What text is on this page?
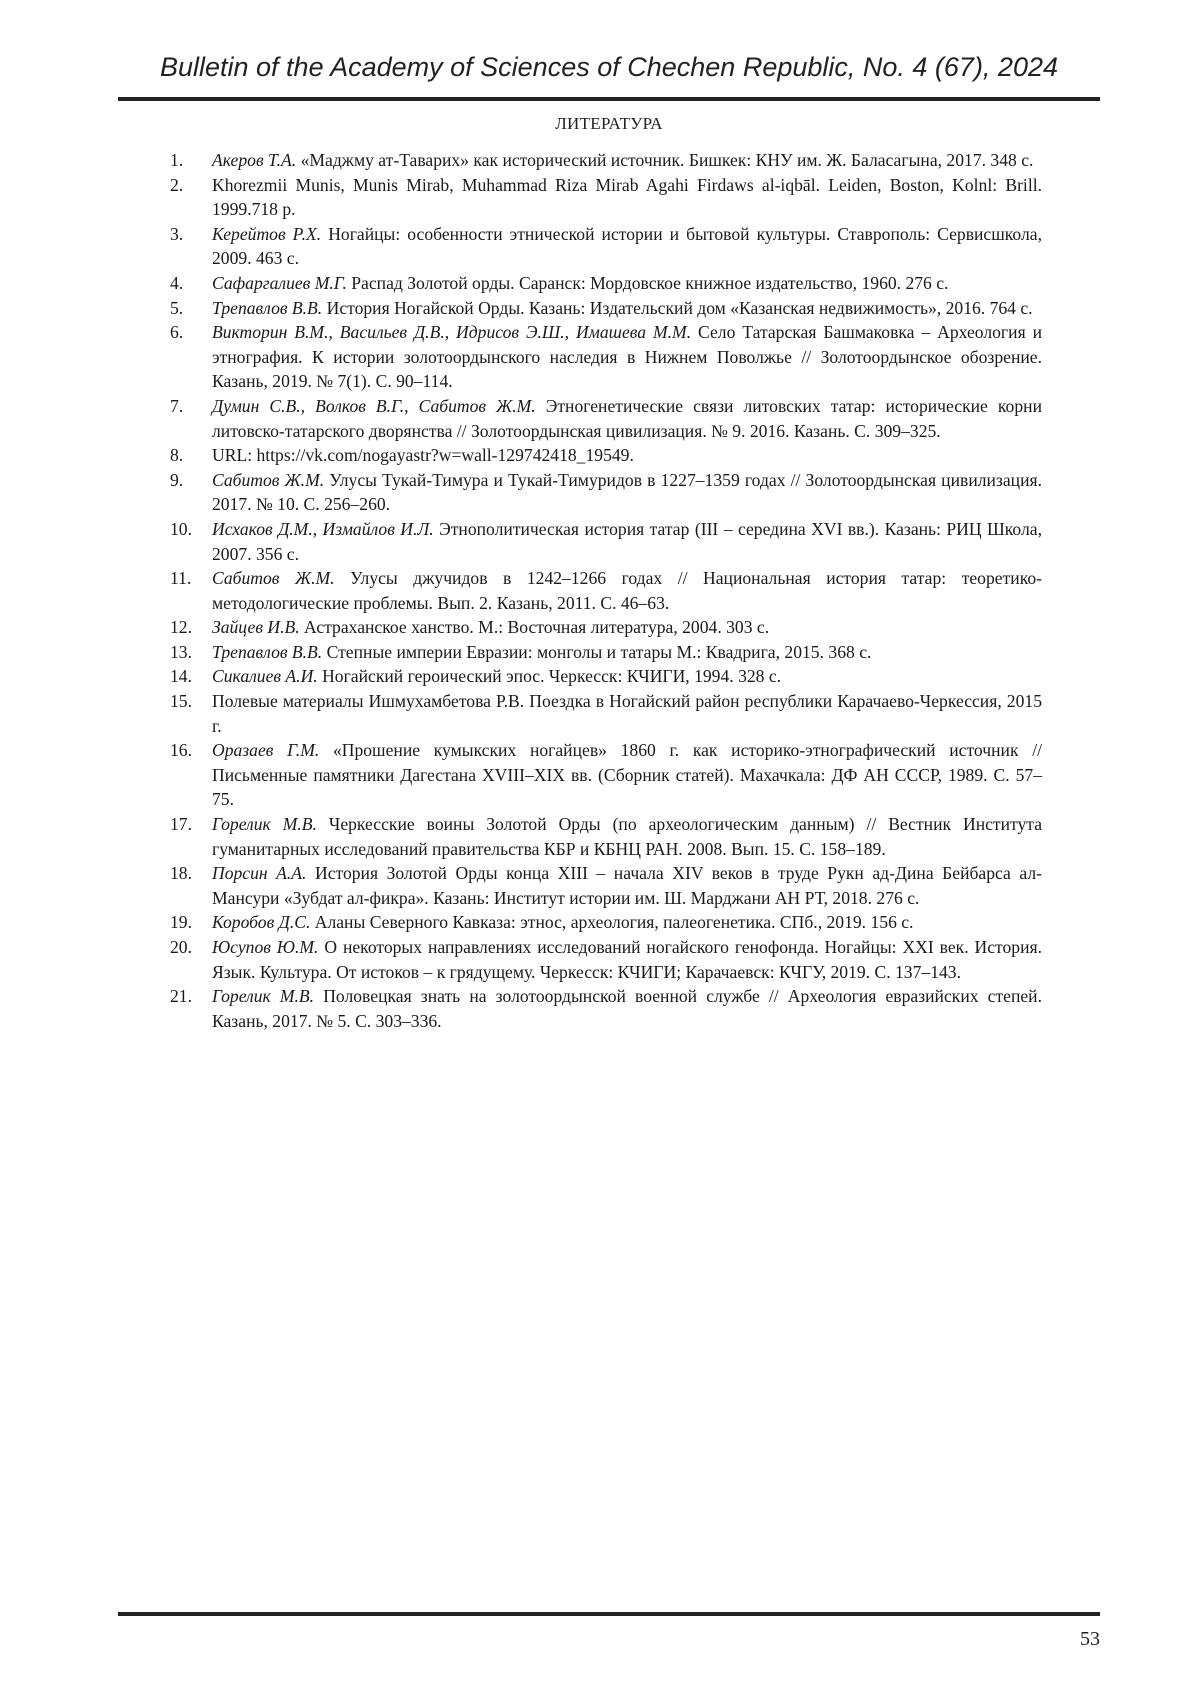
Bulletin of the Academy of Sciences of Chechen Republic, No. 4 (67), 2024
ЛИТЕРАТУРА
1.	Акеров Т.А. «Маджму ат-Таварих» как исторический источник. Бишкек: КНУ им. Ж. Баласагына, 2017. 348 с.
2.	Khorezmii Munis, Munis Mirab, Muhammad Riza Mirab Agahi Firdaws al-iqbāl. Leiden, Boston, Kolnl: Brill. 1999.718 p.
3.	Керейтов Р.Х. Ногайцы: особенности этнической истории и бытовой культуры. Ставрополь: Сервисшкола, 2009. 463 с.
4.	Сафаргалиев М.Г. Распад Золотой орды. Саранск: Мордовское книжное издательство, 1960. 276 с.
5.	Трепавлов В.В. История Ногайской Орды. Казань: Издательский дом «Казанская недвижимость», 2016. 764 с.
6.	Викторин В.М., Васильев Д.В., Идрисов Э.Ш., Имашева М.М. Село Татарская Башмаковка – Археология и этнография. К истории золотоордынского наследия в Нижнем Поволжье // Золотоордынское обозрение. Казань, 2019. № 7(1). С. 90–114.
7.	Думин С.В., Волков В.Г., Сабитов Ж.М. Этногенетические связи литовских татар: исторические корни литовско-татарского дворянства // Золотоордынская цивилизация. № 9. 2016. Казань. С. 309–325.
8.	URL: https://vk.com/nogayastr?w=wall-129742418_19549.
9.	Сабитов Ж.М. Улусы Тукай-Тимура и Тукай-Тимуридов в 1227–1359 годах // Золотоордынская цивилизация. 2017. № 10. С. 256–260.
10.	Исхаков Д.М., Измайлов И.Л. Этнополитическая история татар (III – середина XVI вв.). Казань: РИЦ Школа, 2007. 356 с.
11.	Сабитов Ж.М. Улусы джучидов в 1242–1266 годах // Национальная история татар: теоретико-методологические проблемы. Вып. 2. Казань, 2011. С. 46–63.
12.	Зайцев И.В. Астраханское ханство. М.: Восточная литература, 2004. 303 с.
13.	Трепавлов В.В. Степные империи Евразии: монголы и татары М.: Квадрига, 2015. 368 с.
14.	Сикалиев А.И. Ногайский героический эпос. Черкесск: КЧИГИ, 1994. 328 с.
15.	Полевые материалы Ишмухамбетова Р.В. Поездка в Ногайский район республики Карачаево-Черкессия, 2015 г.
16.	Оразаев Г.М. «Прошение кумыкских ногайцев» 1860 г. как историко-этнографический источник // Письменные памятники Дагестана XVIII–XIX вв. (Сборник статей). Махачкала: ДФ АН СССР, 1989. С. 57–75.
17.	Горелик М.В. Черкесские воины Золотой Орды (по археологическим данным) // Вестник Института гуманитарных исследований правительства КБР и КБНЦ РАН. 2008. Вып. 15. С. 158–189.
18.	Порсин А.А. История Золотой Орды конца XIII – начала XIV веков в труде Рукн ад-Дина Бейбарса ал-Мансури «Зубдат ал-фикра». Казань: Институт истории им. Ш. Марджани АН РТ, 2018. 276 с.
19.	Коробов Д.С. Аланы Северного Кавказа: этнос, археология, палеогенетика. СПб., 2019. 156 с.
20.	Юсупов Ю.М. О некоторых направлениях исследований ногайского генофонда. Ногайцы: XXI век. История. Язык. Культура. От истоков – к грядущему. Черкесск: КЧИГИ; Карачаевск: КЧГУ, 2019. С. 137–143.
21.	Горелик М.В. Половецкая знать на золотоордынской военной службе // Археология евразийских степей. Казань, 2017. № 5. С. 303–336.
53
